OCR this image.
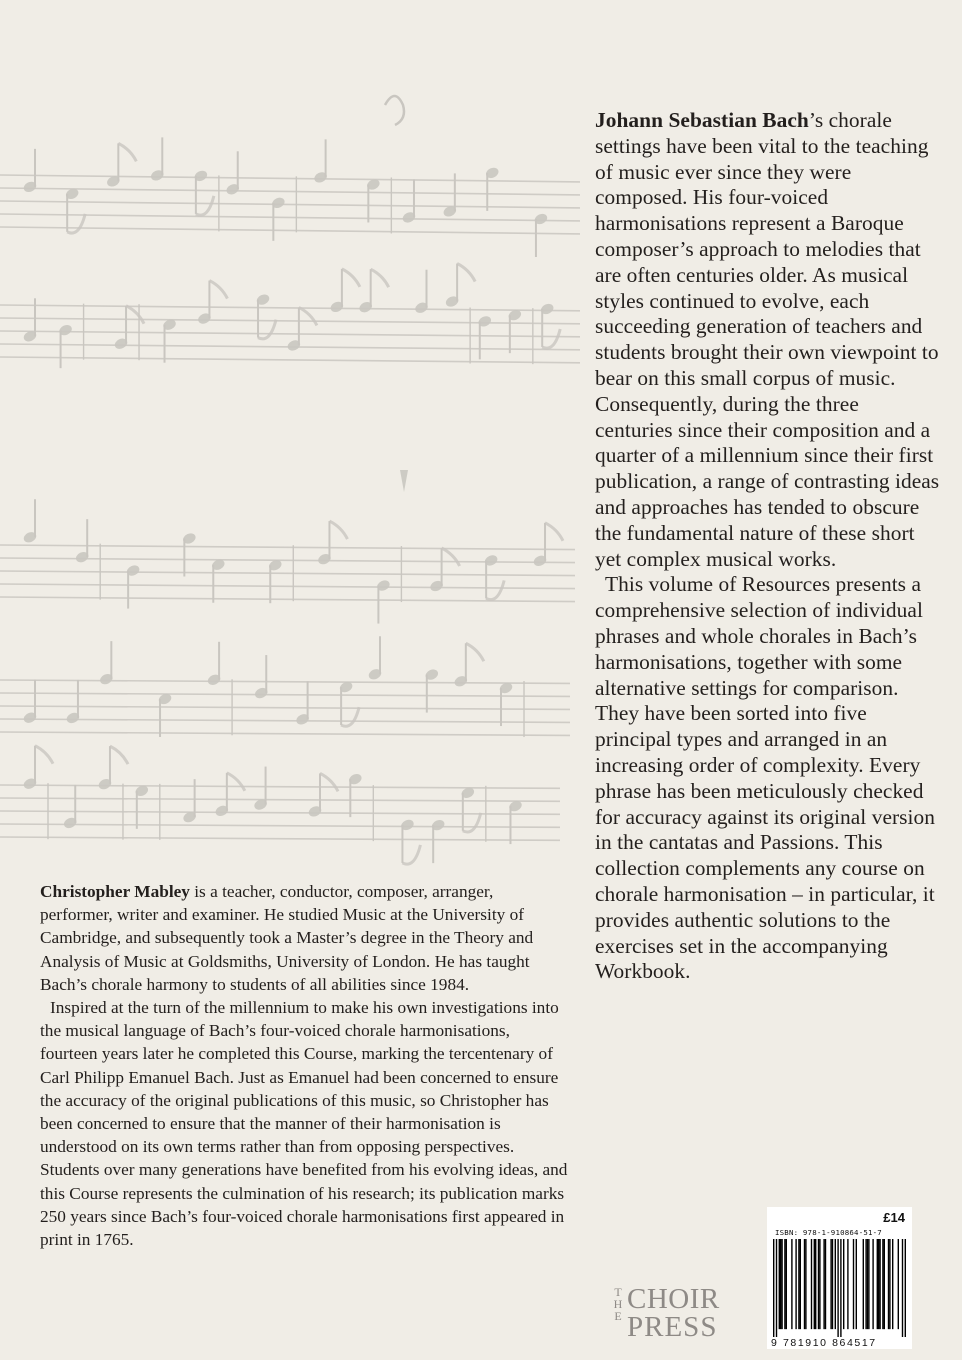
Johann Sebastian Bach’s chorale settings have been vital to the teaching of music ever since they were composed. His four-voiced harmonisations represent a Baroque composer’s approach to melodies that are often centuries older. As musical styles continued to evolve, each succeeding generation of teachers and students brought their own viewpoint to bear on this small corpus of music. Consequently, during the three centuries since their composition and a quarter of a millennium since their first publication, a range of contrasting ideas and approaches has tended to obscure the fundamental nature of these short yet complex musical works.

This volume of Resources presents a comprehensive selection of individual phrases and whole chorales in Bach’s harmonisations, together with some alternative settings for comparison. They have been sorted into five principal types and arranged in an increasing order of complexity. Every phrase has been meticulously checked for accuracy against its original version in the cantatas and Passions. This collection complements any course on chorale harmonisation – in particular, it provides authentic solutions to the exercises set in the accompanying Workbook.

Christopher Mabley is a teacher, conductor, composer, arranger, performer, writer and examiner. He studied Music at the University of Cambridge, and subsequently took a Master’s degree in the Theory and Analysis of Music at Goldsmiths, University of London. He has taught Bach’s chorale harmony to students of all abilities since 1984.

Inspired at the turn of the millennium to make his own investigations into the musical language of Bach’s four-voiced chorale harmonisations, fourteen years later he completed this Course, marking the tercentenary of Carl Philipp Emanuel Bach. Just as Emanuel had been concerned to ensure the accuracy of the original publications of this music, so Christopher has been concerned to ensure that the manner of their harmonisation is understood on its own terms rather than from opposing perspectives. Students over many generations have benefited from his evolving ideas, and this Course represents the culmination of his research; its publication marks 250 years since Bach’s four-voiced chorale harmonisations first appeared in print in 1765.

T
H
E
CHOIR
PRESS
£14
ISBN: 978-1-910864-51-7
9 781910 864517
